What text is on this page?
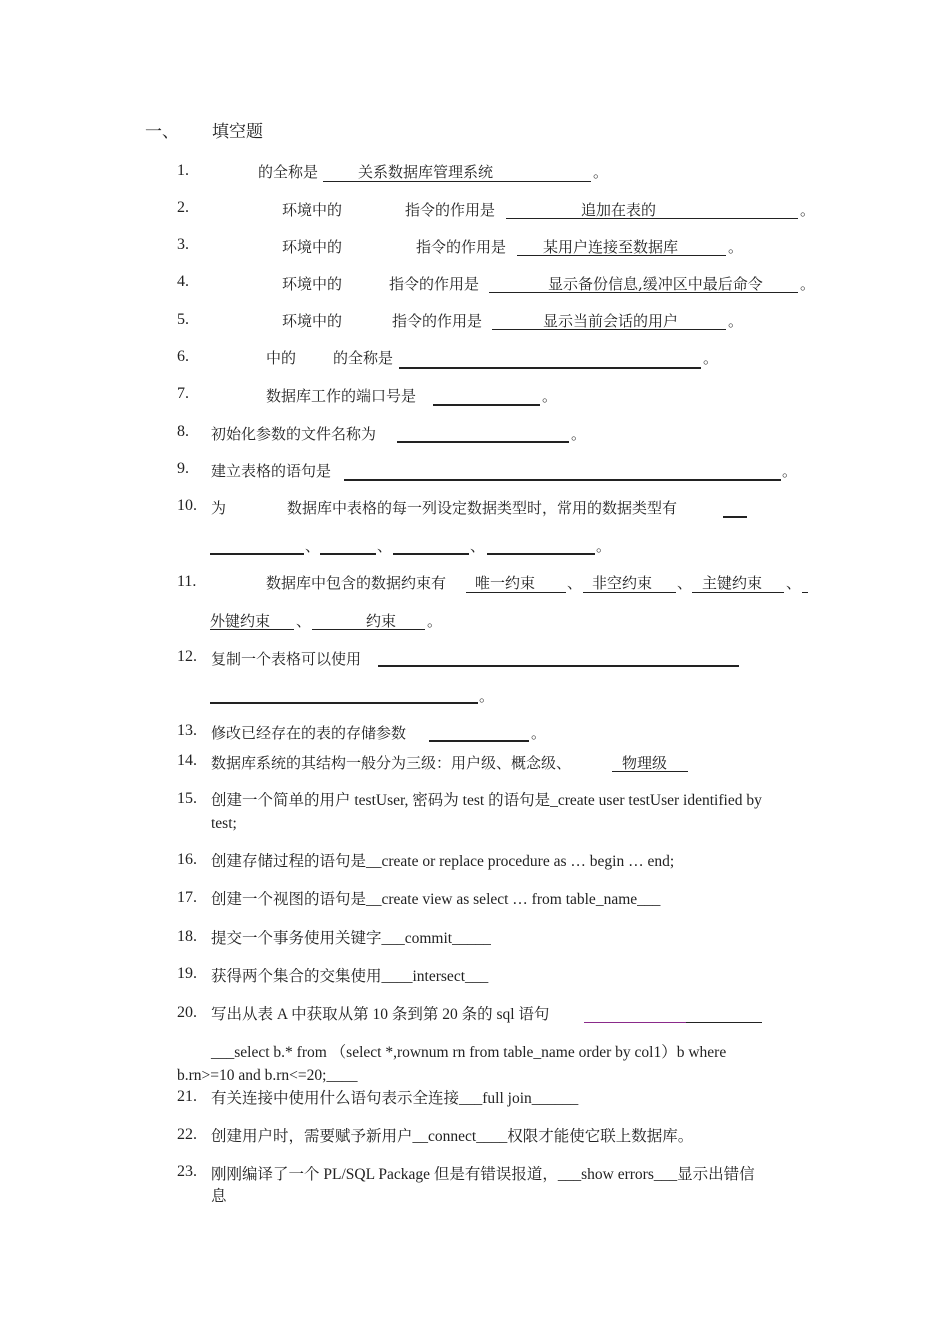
一、 填空题
1.	的全称是	关系数据库管理系统	。
2.	环境中的	指令的作用是	追加在表的	。
3.	环境中的	指令的作用是 某用户连接至数据库	。
4.	环境中的	指令的作用是	显示备份信息,缓冲区中最后命令 。
5.	环境中的	指令的作用是	显示当前会话的用户	。
6.	中的 的全称是	。
7.	数据库工作的端口号是	。
8. 初始化参数的文件名称为	。
9. 建立表格的语句是	。
10. 为	数据库中表格的每一列设定数据类型时，常用的数据类型有
、	、	、	。
11.	数据库中包含的数据约束有 唯一约束 、 非空约束 、 主键约束 、
外键约束 、	约束 。
12. 复制一个表格可以使用
。
13. 修改已经存在的表的存储参数	。
14. 数据库系统的其结构一般分为三级：用户级、概念级、	物理级
15. 创建一个简单的用户 testUser, 密码为 test 的语句是_create user testUser identified by
test;
16. 创建存储过程的语句是__create or replace procedure as … begin … end;
17. 创建一个视图的语句是__create view as select … from table_name___
18. 提交一个事务使用关键字___commit_____
19. 获得两个集合的交集使用____intersect___
20. 写出从表 A 中获取从第 10 条到第 20 条的 sql 语句
___select b.* from （select *,rownum rn from table_name order by col1）b where
b.rn>=10 and b.rn<=20;____
21. 有关连接中使用什么语句表示全连接___full join______
22. 创建用户时，需要赋予新用户__connect____权限才能使它联上数据库。
23. 刚刚编译了一个 PL/SQL Package 但是有错误报道，___show errors___显示出错信
息
